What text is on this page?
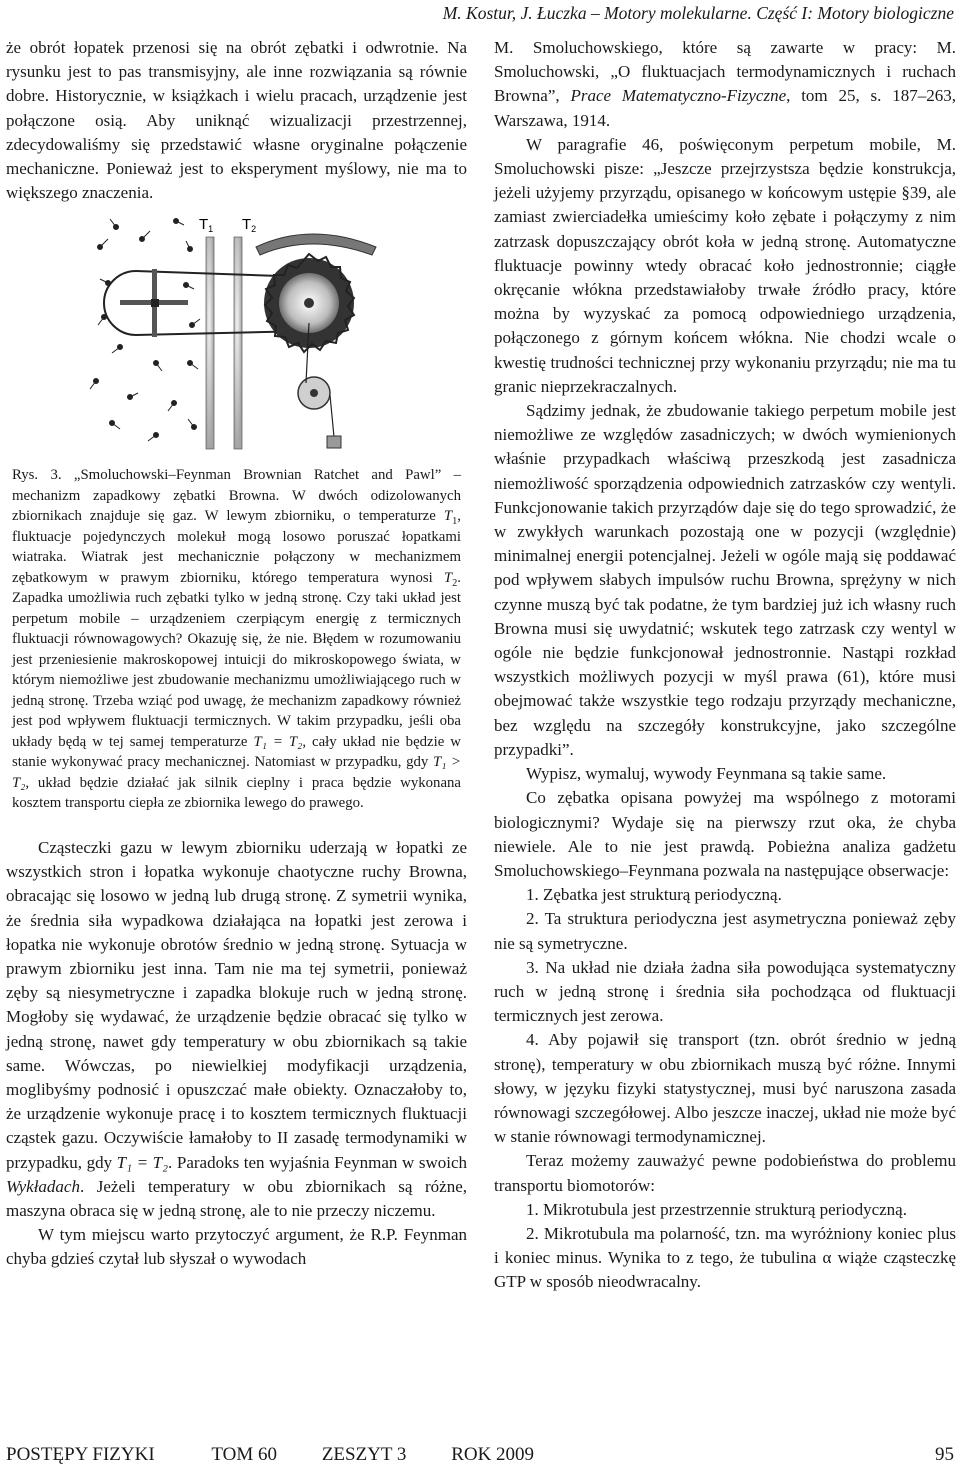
M. Kostur, J. Łuczka – Motory molekularne. Część I: Motory biologiczne

że obrót łopatek przenosi się na obrót zębatki i odwrotnie. Na rysunku jest to pas transmisyjny, ale inne rozwiązania są równie dobre. Historycznie, w książkach i wielu pracach, urządzenie jest połączone osią. Aby uniknąć wizualizacji przestrzennej, zdecydowaliśmy się przedstawić własne oryginalne połączenie mechaniczne. Ponieważ jest to eksperyment myślowy, nie ma to większego znaczenia.

$T_1$ $T_2$

Rys. 3. „Smoluchowski–Feynman Brownian Ratchet and Pawl” – mechanizm zapadkowy zębatki Browna. W dwóch odizolowanych zbiornikach znajduje się gaz. W lewym zbiorniku, o temperaturze $T_1$, fluktuacje pojedynczych molekuł mogą losowo poruszać łopatkami wiatraka. Wiatrak jest mechanicznie połączony w mechanizmem zębatkowym w prawym zbiorniku, którego temperatura wynosi $T_2$. Zapadka umożliwia ruch zębatki tylko w jedną stronę. Czy taki układ jest perpetum mobile – urządzeniem czerpiącym energię z termicznych fluktuacji równowagowych? Okazuję się, że nie. Błędem w rozumowaniu jest przeniesienie makroskopowej intuicji do mikroskopowego świata, w którym niemożliwe jest zbudowanie mechanizmu umożliwiającego ruch w jedną stronę. Trzeba wziąć pod uwagę, że mechanizm zapadkowy również jest pod wpływem fluktuacji termicznych. W takim przypadku, jeśli oba układy będą w tej samej temperaturze T₁ = T₂, cały układ nie będzie w stanie wykonywać pracy mechanicznej. Natomiast w przypadku, gdy T₁ > T₂, układ będzie działać jak silnik cieplny i praca będzie wykonana kosztem transportu ciepła ze zbiornika lewego do prawego.

Cząsteczki gazu w lewym zbiorniku uderzają w łopatki ze wszystkich stron i łopatka wykonuje chaotyczne ruchy Browna, obracając się losowo w jedną lub drugą stronę. Z symetrii wynika, że średnia siła wypadkowa działająca na łopatki jest zerowa i łopatka nie wykonuje obrotów średnio w jedną stronę. Sytuacja w prawym zbiorniku jest inna. Tam nie ma tej symetrii, ponieważ zęby są niesymetryczne i zapadka blokuje ruch w jedną stronę. Mogłoby się wydawać, że urządzenie będzie obracać się tylko w jedną stronę, nawet gdy temperatury w obu zbiornikach są takie same. Wówczas, po niewielkiej modyfikacji urządzenia, moglibyśmy podnosić i opuszczać małe obiekty. Oznaczałoby to, że urządzenie wykonuje pracę i to kosztem termicznych fluktuacji cząstek gazu. Oczywiście łamałoby to II zasadę termodynamiki w przypadku, gdy T₁ = T₂. Paradoks ten wyjaśnia Feynman w swoich Wykładach. Jeżeli temperatury w obu zbiornikach są różne, maszyna obraca się w jedną stronę, ale to nie przeczy niczemu.

W tym miejscu warto przytoczyć argument, że R.P. Feynman chyba gdzieś czytał lub słyszał o wywodach

M. Smoluchowskiego, które są zawarte w pracy: M. Smoluchowski, „O fluktuacjach termodynamicznych i ruchach Browna”, Prace Matematyczno-Fizyczne, tom 25, s. 187–263, Warszawa, 1914.

W paragrafie 46, poświęconym perpetum mobile, M. Smoluchowski pisze: „Jeszcze przejrzystsza będzie konstrukcja, jeżeli użyjemy przyrządu, opisanego w końcowym ustępie §39, ale zamiast zwierciadełka umieścimy koło zębate i połączymy z nim zatrzask dopuszczający obrót koła w jedną stronę. Automatyczne fluktuacje powinny wtedy obracać koło jednostronnie; ciągłe okręcanie włókna przedstawiałoby trwałe źródło pracy, które można by wyzyskać za pomocą odpowiedniego urządzenia, połączonego z górnym końcem włókna. Nie chodzi wcale o kwestię trudności technicznej przy wykonaniu przyrządu; nie ma tu granic nieprzekraczalnych.

Sądzimy jednak, że zbudowanie takiego perpetum mobile jest niemożliwe ze względów zasadniczych; w dwóch wymienionych właśnie przypadkach właściwą przeszkodą jest zasadnicza niemożliwość sporządzenia odpowiednich zatrzasków czy wentyli. Funkcjonowanie takich przyrządów daje się do tego sprowadzić, że w zwykłych warunkach pozostają one w pozycji (względnie) minimalnej energii potencjalnej. Jeżeli w ogóle mają się poddawać pod wpływem słabych impulsów ruchu Browna, sprężyny w nich czynne muszą być tak podatne, że tym bardziej już ich własny ruch Browna musi się uwydatnić; wskutek tego zatrzask czy wentyl w ogóle nie będzie funkcjonował jednostronnie. Nastąpi rozkład wszystkich możliwych pozycji w myśl prawa (61), które musi obejmować także wszystkie tego rodzaju przyrządy mechaniczne, bez względu na szczegóły konstrukcyjne, jako szczególne przypadki”.

Wypisz, wymaluj, wywody Feynmana są takie same.

Co zębatka opisana powyżej ma wspólnego z motorami biologicznymi? Wydaje się na pierwszy rzut oka, że chyba niewiele. Ale to nie jest prawdą. Pobieżna analiza gadżetu Smoluchowskiego–Feynmana pozwala na następujące obserwacje:

1. Zębatka jest strukturą periodyczną.

2. Ta struktura periodyczna jest asymetryczna ponieważ zęby nie są symetryczne.

3. Na układ nie działa żadna siła powodująca systematyczny ruch w jedną stronę i średnia siła pochodząca od fluktuacji termicznych jest zerowa.

4. Aby pojawił się transport (tzn. obrót średnio w jedną stronę), temperatury w obu zbiornikach muszą być różne. Innymi słowy, w języku fizyki statystycznej, musi być naruszona zasada równowagi szczegółowej. Albo jeszcze inaczej, układ nie może być w stanie równowagi termodynamicznej.

Teraz możemy zauważyć pewne podobieństwa do problemu transportu biomotorów:

1. Mikrotubula jest przestrzennie strukturą periodyczną.

2. Mikrotubula ma polarność, tzn. ma wyróżniony koniec plus i koniec minus. Wynika to z tego, że tubulina α wiąże cząsteczkę GTP w sposób nieodwracalny.

POSTĘPY FIZYKI	TOM 60 ZESZYT 3 ROK 2009	95
